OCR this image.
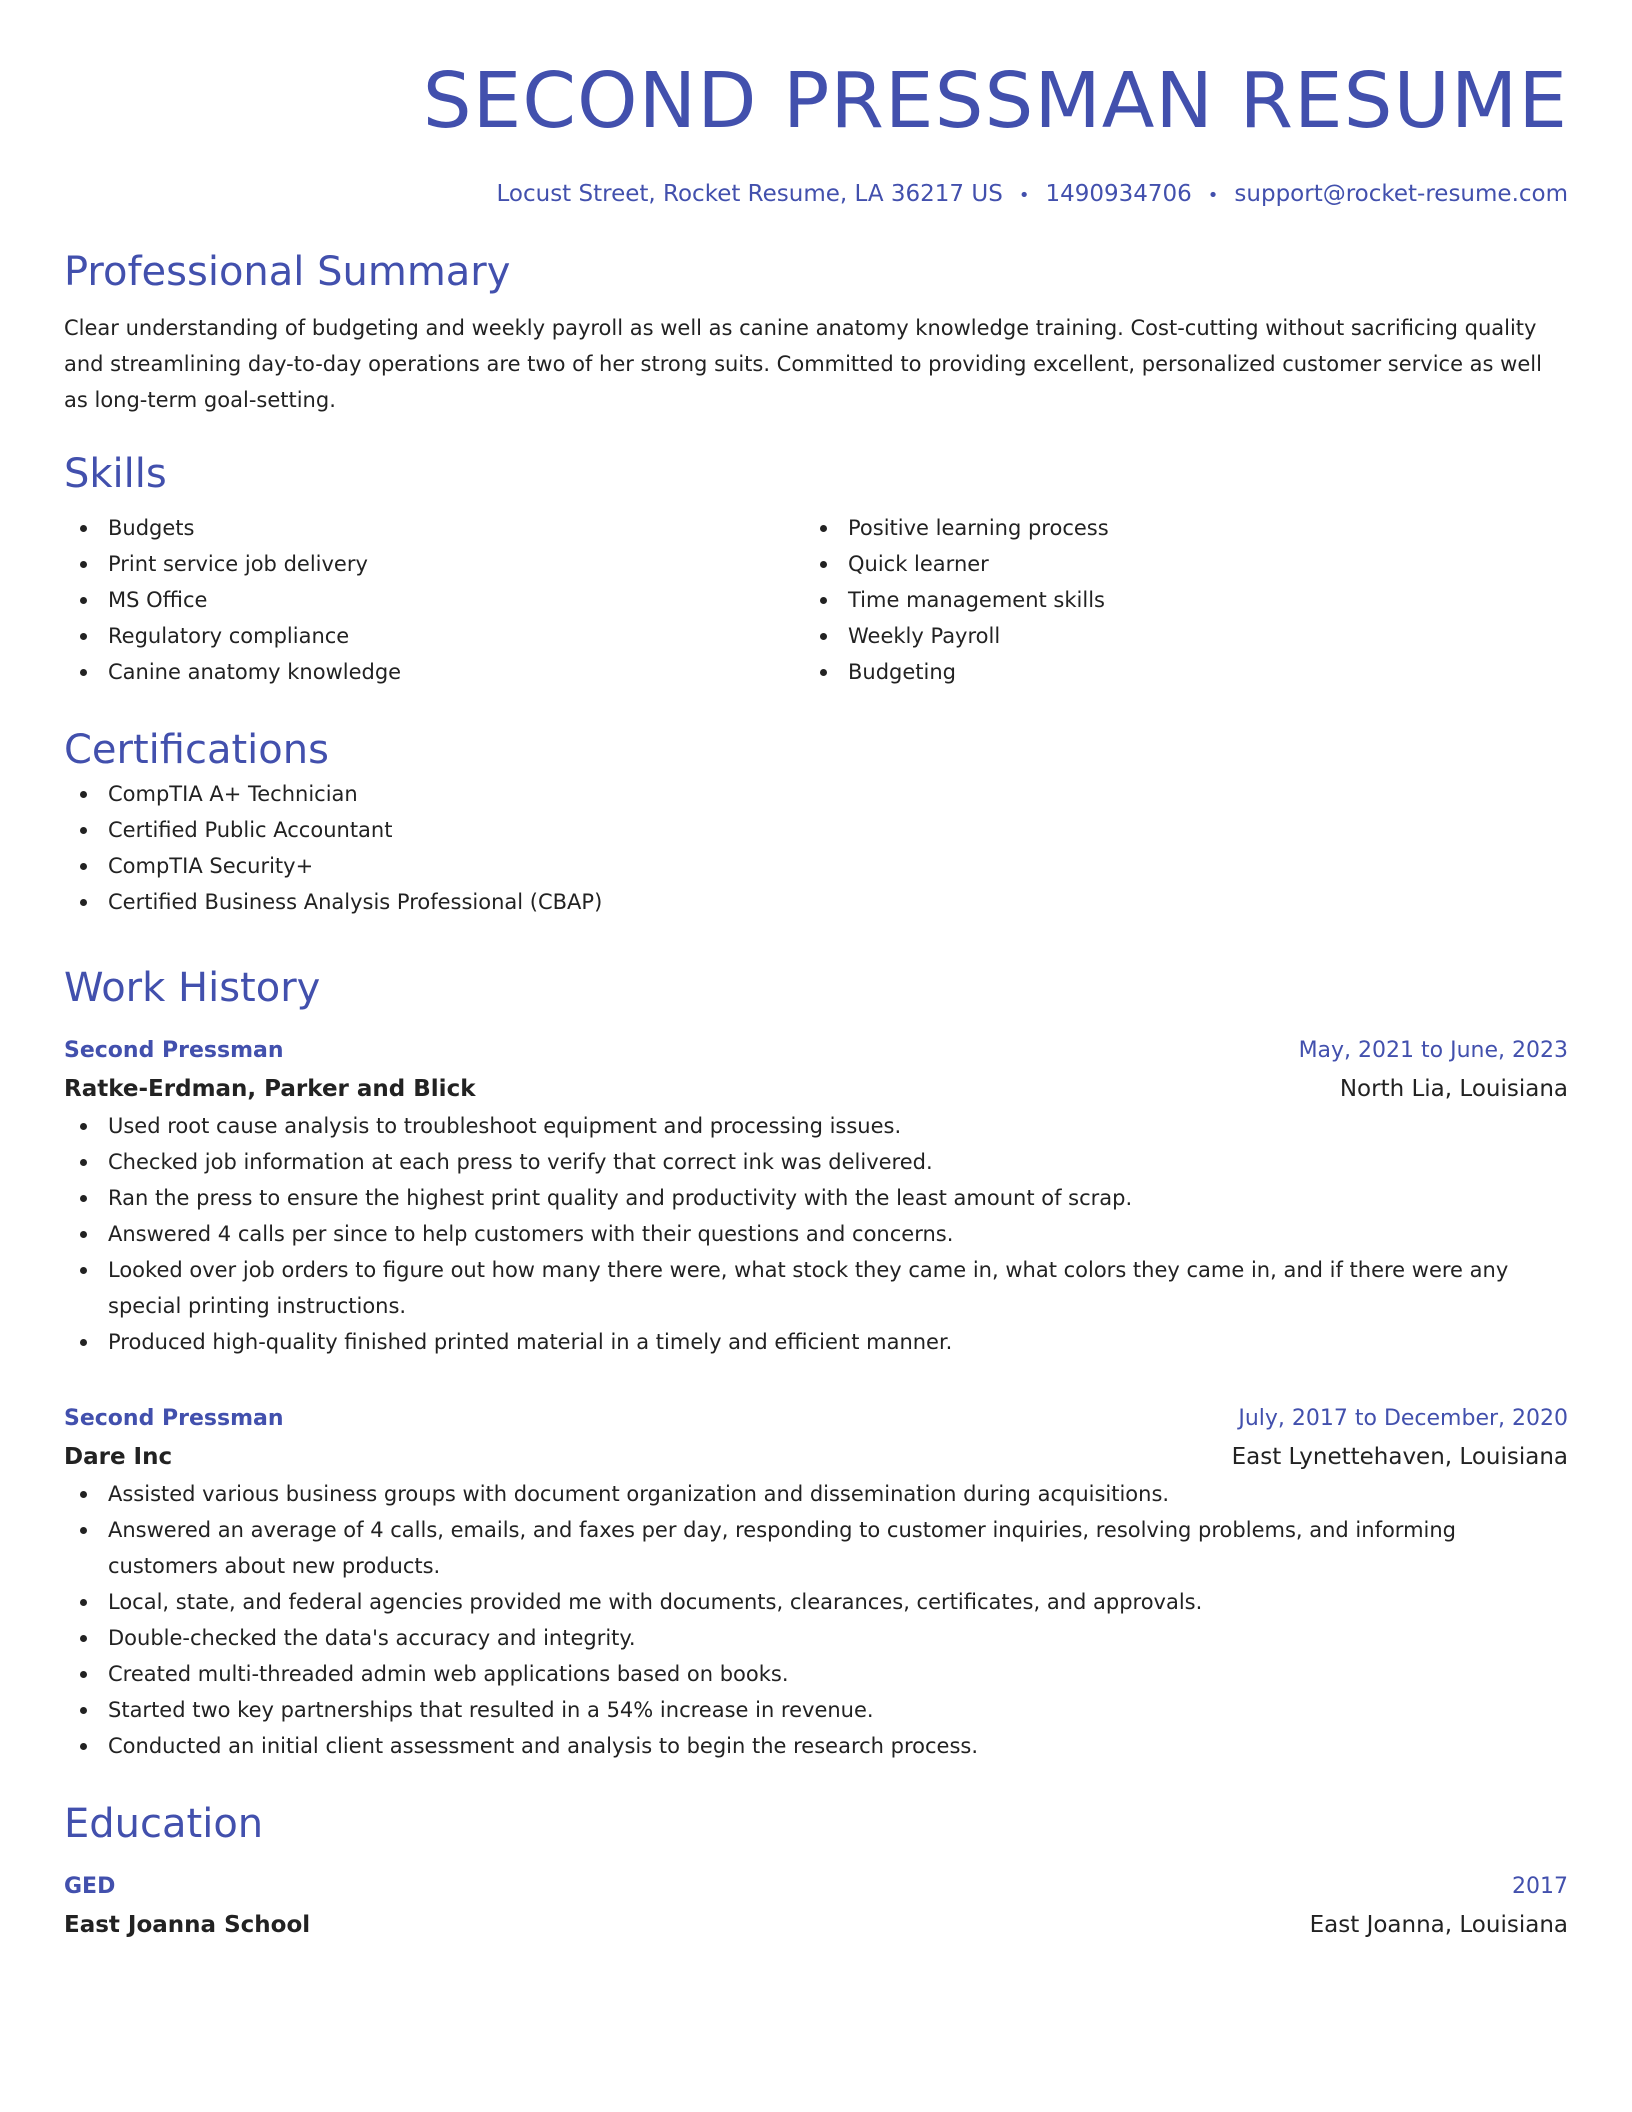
SECOND PRESSMAN RESUME
Locust Street, Rocket Resume, LA 36217 US • 1490934706 • support@rocket-resume.com
Professional Summary
Clear understanding of budgeting and weekly payroll as well as canine anatomy knowledge training. Cost-cutting without sacrificing quality and streamlining day-to-day operations are two of her strong suits. Committed to providing excellent, personalized customer service as well as long-term goal-setting.
Skills
Budgets
Print service job delivery
MS Office
Regulatory compliance
Canine anatomy knowledge
Positive learning process
Quick learner
Time management skills
Weekly Payroll
Budgeting
Certifications
CompTIA A+ Technician
Certified Public Accountant
CompTIA Security+
Certified Business Analysis Professional (CBAP)
Work History
Second Pressman	May, 2021 to June, 2023
Ratke-Erdman, Parker and Blick	North Lia, Louisiana
Used root cause analysis to troubleshoot equipment and processing issues.
Checked job information at each press to verify that correct ink was delivered.
Ran the press to ensure the highest print quality and productivity with the least amount of scrap.
Answered 4 calls per since to help customers with their questions and concerns.
Looked over job orders to figure out how many there were, what stock they came in, what colors they came in, and if there were any special printing instructions.
Produced high-quality finished printed material in a timely and efficient manner.
Second Pressman	July, 2017 to December, 2020
Dare Inc	East Lynettehaven, Louisiana
Assisted various business groups with document organization and dissemination during acquisitions.
Answered an average of 4 calls, emails, and faxes per day, responding to customer inquiries, resolving problems, and informing customers about new products.
Local, state, and federal agencies provided me with documents, clearances, certificates, and approvals.
Double-checked the data's accuracy and integrity.
Created multi-threaded admin web applications based on books.
Started two key partnerships that resulted in a 54% increase in revenue.
Conducted an initial client assessment and analysis to begin the research process.
Education
GED	2017
East Joanna School	East Joanna, Louisiana
